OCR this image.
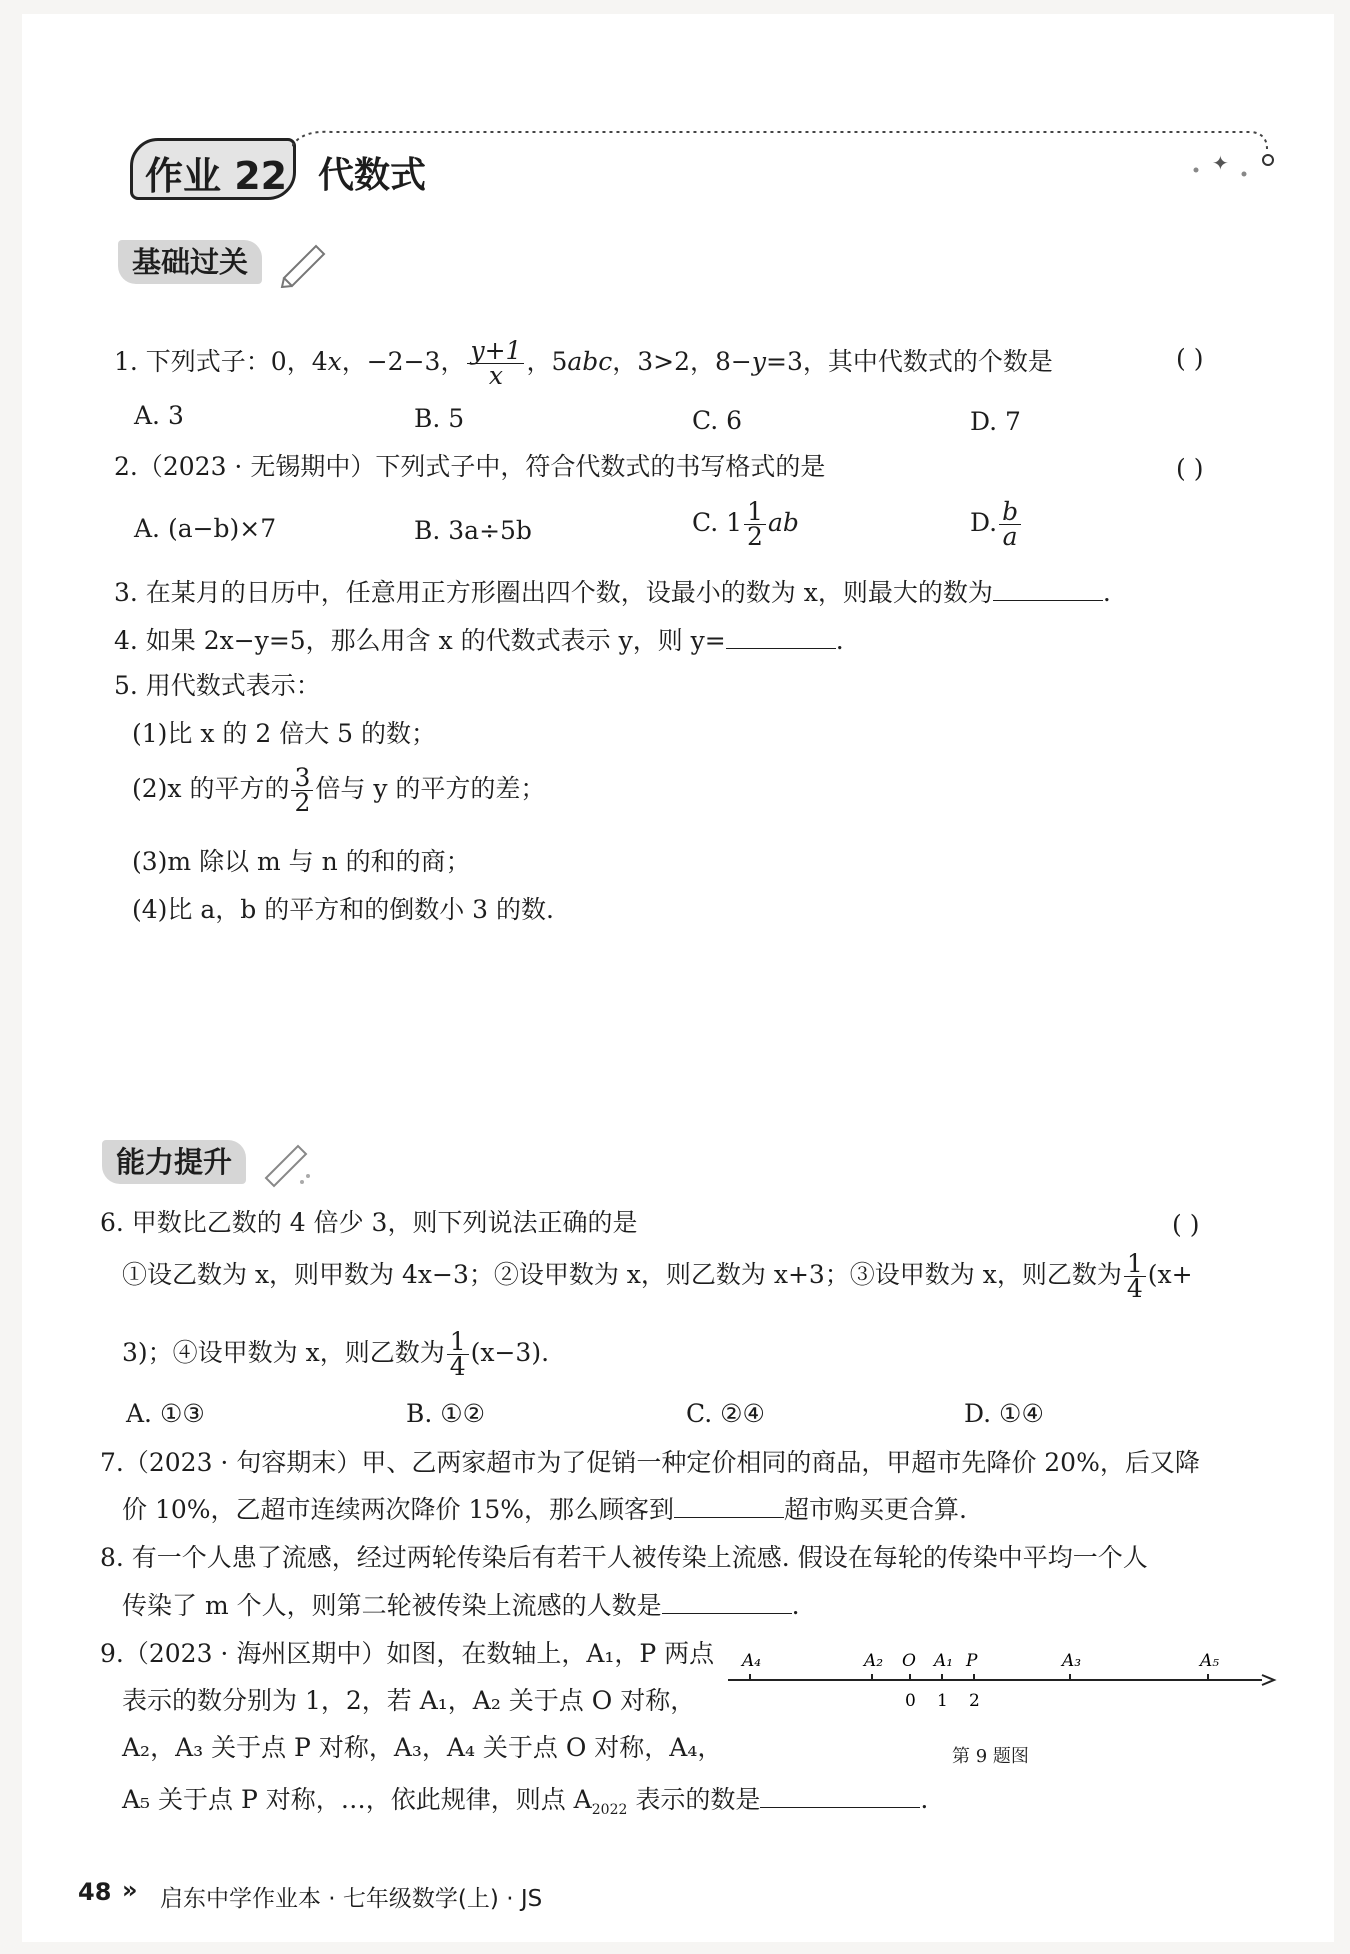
作业 22 代数式	✦
基础过关
1. 下列式子：0，4x，−2−3， $\frac{y+1}{x}$ ，5abc，3>2，8−y=3，其中代数式的个数是	( )
A. 3	B. 5	C. 6	D. 7
2.（2023 · 无锡期中）下列式子中，符合代数式的书写格式的是	( )
A. (a−b)×7	B. 3a÷5b	C. $1 \frac{1}{2}$ ab	D. $\frac{b}{a}$
3. 在某月的日历中，任意用正方形圈出四个数，设最小的数为 x，则最大的数为	.
4. 如果 2x−y=5，那么用含 x 的代数式表示 y，则 y=	.
5. 用代数式表示：
(1)比 x 的 2 倍大 5 的数；
(2)x 的平方的 $\frac{3}{2}$ 倍与 y 的平方的差；
(3)m 除以 m 与 n 的和的商；
(4)比 a，b 的平方和的倒数小 3 的数.
能力提升
6. 甲数比乙数的 4 倍少 3，则下列说法正确的是	( )
①设乙数为 x，则甲数为 4x−3；②设甲数为 x，则乙数为 x+3；③设甲数为 x，则乙数为 $\frac{1}{4} (x+$
3)；④设甲数为 x，则乙数为 $\frac{1}{4} (x-3)$.
A. ①③	B. ①②	C. ②④	D. ①④
7.（2023 · 句容期末）甲、乙两家超市为了促销一种定价相同的商品，甲超市先降价 20%，后又降
价 10%，乙超市连续两次降价 15%，那么顾客到	超市购买更合算.
8. 有一个人患了流感，经过两轮传染后有若干人被传染上流感. 假设在每轮的传染中平均一个人
传染了 m 个人，则第二轮被传染上流感的人数是	.
9.（2023 · 海州区期中）如图，在数轴上，A₁，P 两点
表示的数分别为 1，2，若 A₁，A₂ 关于点 O 对称，
A₂，A₃ 关于点 P 对称，A₃，A₄ 关于点 O 对称，A₄，
A₅ 关于点 P 对称，…，依此规律，则点 $A_{2022}$ 表示的数是	.
A₄	A₂ O A₁ P	A₃	A₅
0 1 2
第 9 题图
48 » 启东中学作业本 · 七年级数学(上) · JS
